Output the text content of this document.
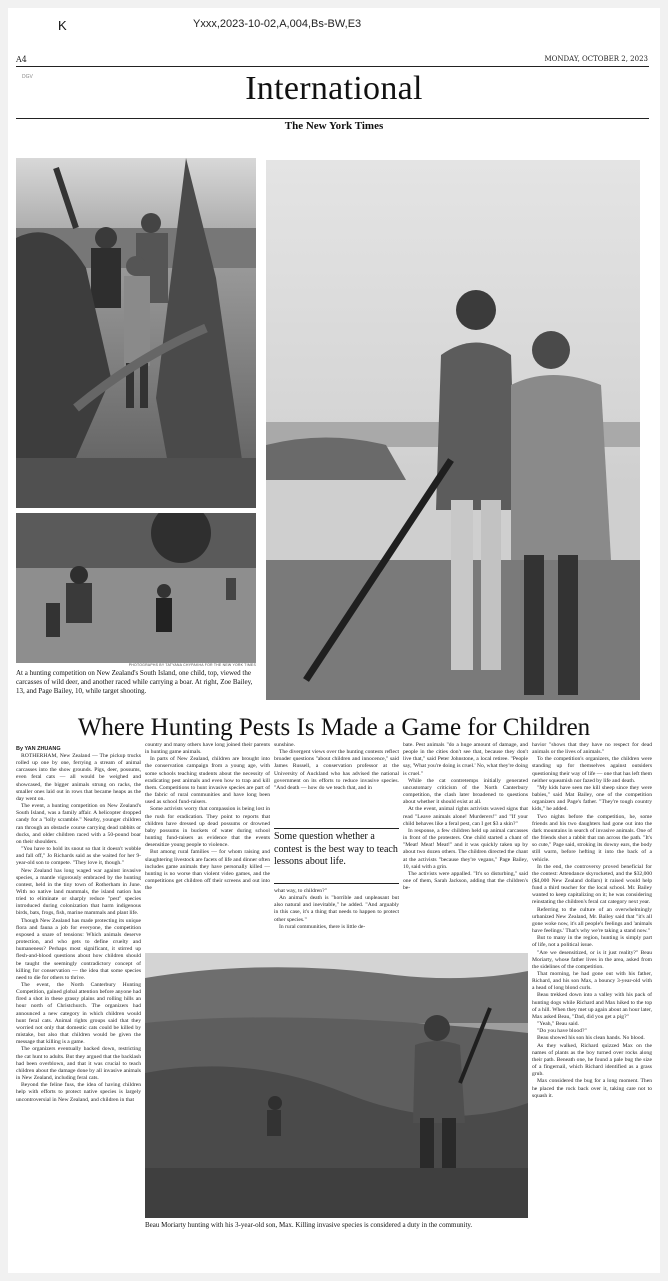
K	Yxxx,2023-10-02,A,004,Bs-BW,E3
A4	MONDAY, OCTOBER 2, 2023
DGV	International
The New York Times
PHOTOGRAPHS BY TATYANA CHYPAKHA FOR THE NEW YORK TIMES
At a hunting competition on New Zealand's South Island, one child, top, viewed the carcasses of wild deer, and another raced while carrying a boar. At right, Zoe Bailey, 13, and Page Bailey, 10, while target shooting.
Where Hunting Pests Is Made a Game for Children
By YAN ZHUANG

ROTHERHAM, New Zealand — The pickup trucks rolled up one by one, ferrying a stream of animal carcasses into the show grounds. Pigs, deer, possums, even feral cats — all would be weighed and showcased, the bigger animals strung on racks, the smaller ones laid out in rows that became heaps as the day went on.

The event, a hunting competition on New Zealand's South Island, was a family affair. A helicopter dropped candy for a "lolly scramble." Nearby, younger children ran through an obstacle course carrying dead rabbits or ducks, and older children raced with a 50-pound boar on their shoulders.

"You have to hold its snout so that it doesn't wobble and fall off," Jo Richards said as she waited for her 9-year-old son to compete. "They love it, though."

New Zealand has long waged war against invasive species, a mantle vigorously embraced by the hunting contest, held in the tiny town of Rotherham in June. With no native land mammals, the island nation has tried to eliminate or sharply reduce "pest" species introduced during colonization that harm indigenous birds, bats, frogs, fish, marine mammals and plant life.

Though New Zealand has made protecting its unique flora and fauna a job for everyone, the competition exposed a snare of tensions: Which animals deserve protection, and who gets to define cruelty and humaneness? Perhaps most significant, it stirred up flesh-and-blood questions about how children should be taught the seemingly contradictory concept of killing for conservation — the idea that some species need to die for others to thrive.

The event, the North Canterbury Hunting Competition, gained global attention before anyone had fired a shot in these grassy plains and rolling hills an hour north of Christchurch. The organizers had announced a new category in which children would hunt feral cats. Animal rights groups said that they worried not only that domestic cats could be killed by mistake, but also that children would be given the message that killing is a game.

The organizers eventually backed down, restricting the cat hunt to adults. But they argued that the backlash had been overblown, and that it was crucial to teach children about the damage done by all invasive animals in New Zealand, including feral cats.

Beyond the feline fuss, the idea of having children help with efforts to protect native species is largely uncontroversial in New Zealand, and children in that

country and many others have long joined their parents in hunting game animals.

In parts of New Zealand, children are brought into the conservation campaign from a young age, with some schools teaching students about the necessity of eradicating pest animals and even how to trap and kill them. Competitions to hunt invasive species are part of the fabric of rural communities and have long been used as school fund-raisers.

Some activists worry that compassion is being lost in the rush for eradication. They point to reports that children have dressed up dead possums or drowned baby possums in buckets of water during school hunting fund-raisers as evidence that the events desensitize young people to violence.

But among rural families — for whom raising and slaughtering livestock are facets of life and dinner often includes game animals they have personally killed — hunting is no worse than violent video games, and the competitions get children off their screens and out into the

sunshine.

The divergent views over the hunting contests reflect broader questions "about children and innocence," said James Russell, a conservation professor at the University of Auckland who has advised the national government on its efforts to reduce invasive species. "And death — how do we teach that, and in

Some question whether a contest is the best way to teach lessons about life.

what way, to children?"

An animal's death is "horrible and unpleasant but also natural and inevitable," he added. "And arguably in this case, it's a thing that needs to happen to protect other species."

In rural communities, there is little de-

bate. Pest animals "do a huge amount of damage, and people in the cities don't see that, because they don't live that," said Peter Johnstone, a local retiree. "People say, 'What you're doing is cruel.' No, what they're doing is cruel."

While the cat contretemps initially generated uncustomary criticism of the North Canterbury competition, the clash later broadened to questions about whether it should exist at all.

At the event, animal rights activists waved signs that read "Leave animals alone! Murderers!" and "If your child behaves like a feral pest, can I get $3 a skin?"

In response, a few children held up animal carcasses in front of the protesters. One child started a chant of "Meat! Meat! Meat!" and it was quickly taken up by about two dozen others. The children directed the chant at the activists "because they're vegans," Page Bailey, 10, said with a grin.

The activists were appalled. "It's so disturbing," said one of them, Sarah Jackson, adding that the children's be-

havior "shows that they have no respect for dead animals or the lives of animals."

To the competition's organizers, the children were standing up for themselves against outsiders questioning their way of life — one that has left them neither squeamish nor fazed by life and death.

"My kids have seen me kill sheep since they were babies," said Mat Bailey, one of the competition organizers and Page's father. "They're tough country kids," he added.

Two nights before the competition, he, some friends and his two daughters had gone out into the dark mountains in search of invasive animals. One of the friends shot a rabbit that ran across the path. "It's so cute," Page said, stroking its downy ears, the body still warm, before hefting it into the back of a vehicle.

In the end, the controversy proved beneficial for the contest: Attendance skyrocketed, and the $32,000 ($4,000 New Zealand dollars) it raised would help fund a third teacher for the local school. Mr. Bailey wanted to keep capitalizing on it; he was considering reinstating the children's feral cat category next year.

Referring to the culture of an overwhelmingly urbanized New Zealand, Mr. Bailey said that "it's all gone woke now, it's all people's feelings and 'animals have feelings.' That's why we're taking a stand now."

But to many in the region, hunting is simply part of life, not a political issue.

"Are we desensitized, or is it just reality?" Beau Moriarty, whose father lives in the area, asked from the sidelines of the competition.

That morning, he had gone out with his father, Richard, and his son Max, a bouncy 3-year-old with a head of long blond curls.

Beau trekked down into a valley with his pack of hunting dogs while Richard and Max hiked to the top of a hill. When they met up again about an hour later, Max asked Beau, "Dad, did you get a pig?"

"Yeah," Beau said.

"Do you have blood?"

Beau showed his son his clean hands. No blood.

As they walked, Richard quizzed Max on the names of plants as the boy turned over rocks along their path. Beneath one, he found a pale bug the size of a fingernail, which Richard identified as a grass grub.

Max considered the bug for a long moment. Then he placed the rock back over it, taking care not to squash it.

Beau Moriarty hunting with his 3-year-old son, Max. Killing invasive species is considered a duty in the community.
